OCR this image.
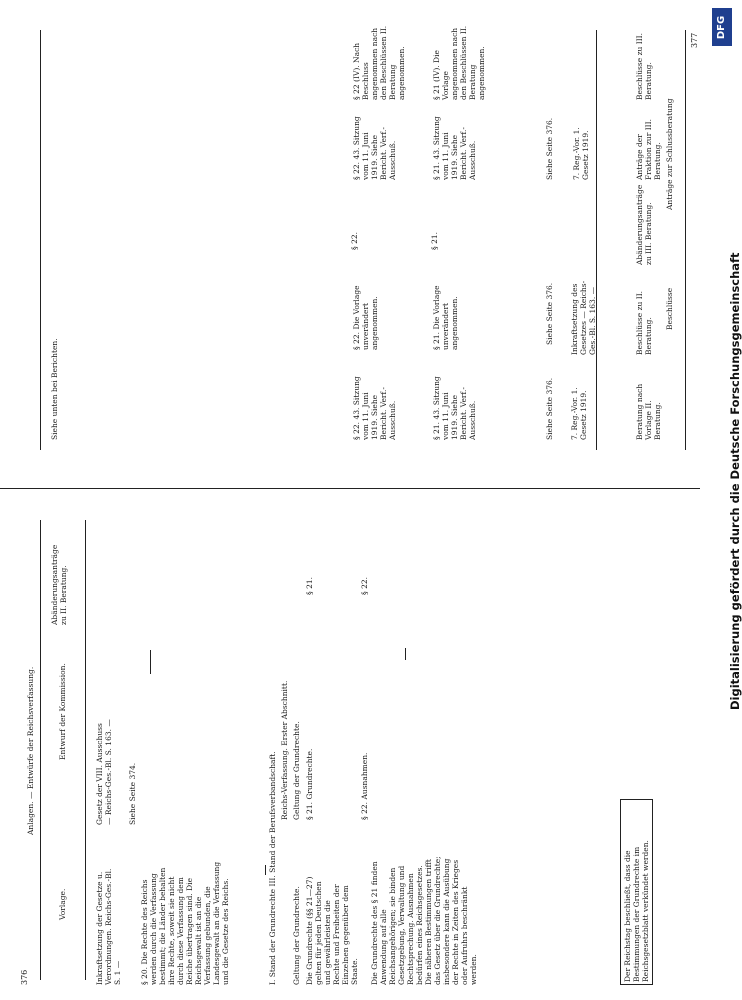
377
Beschlüsse
Anträge zur Schlussberatung
Beratung nach Vorlage II. Beratung.
Beschlüsse zu II. Beratung.
Abänderungsanträge zu III. Beratung.
Anträge der Fraktion zur III. Beratung.
Beschlüsse zu III. Beratung.
7. Reg.-Vor. 1. Gesetz 1919.
Inkraftsetzung des Gesetzes — Reichs-Ges.-Bl. S. 163. —
7. Reg.-Vor. 1. Gesetz 1919.
Siehe Seite 376.
Siehe Seite 376.
Siehe Seite 376.
§ 21. 43. Sitzung vom 11. Juni 1919. Siehe Bericht. Verf.-Ausschuß.
§ 21. Die Vorlage unverändert angenommen.
§ 21.
§ 21. 43. Sitzung vom 11. Juni 1919. Siehe Bericht. Verf.-Ausschuß.
§ 21 (IV). Die Vorlage angenommen nach den Beschlüssen II. Beratung angenommen.
§ 22. 43. Sitzung vom 11. Juni 1919. Siehe Bericht. Verf.-Ausschuß.
§ 22. Die Vorlage unverändert angenommen.
§ 22.
§ 22. 43. Sitzung vom 11. Juni 1919. Siehe Bericht. Verf.-Ausschuß.
§ 22 (IV). Nach Beschluss angenommen nach den Beschlüssen II. Beratung angenommen.
Siehe unten bei Berichten.
376
Anlagen. — Entwürfe der Reichsverfassung.
Vorlage.
Entwurf der Kommission.
Abänderungsanträge zu II. Beratung.
Inkraftsetzung der Gesetze u. Verordnungen. Reichs-Ges.-Bl. S. 1 —
Gesetz der VIII. Ausschuss — Reichs-Ges.-Bl. S. 163. — Siehe Seite 374.
§ 20. Die Rechte des Reichs werden durch die Verfassung bestimmt; die Länder behalten ihre Rechte, soweit sie nicht durch diese Verfassung dem Reiche übertragen sind. Die Reichsgewalt ist an die Verfassung gebunden, die Landesgewalt an die Verfassung und die Gesetze des Reichs.	I. Stand der Grundrechte III. Stand der Berufsverbandschaft.
Reichs-Verfassung. Erster Abschnitt.
Geltung der Grundrechte.
Geltung der Grundrechte.
Die Grundrechte (§§ 21—27) gelten für jeden Deutschen und gewährleisten die Rechte und Freiheiten der Einzelnen gegenüber dem Staate.
§ 21. Grundrechte.
§ 21.
§ 22. Ausnahmen.
§ 22.
Die Grundrechte des § 21 finden Anwendung auf alle Reichsangehörigen; sie binden Gesetzgebung, Verwaltung und Rechtsprechung. Ausnahmen bedürfen eines Reichsgesetzes. Die näheren Bestimmungen trifft das Gesetz über die Grundrechte; insbesondere kann die Ausübung der Rechte in Zeiten des Krieges oder Aufruhrs beschränkt werden.	Der Reichstag beschließt, dass die Bestimmungen der Grundrechte im Reichsgesetzblatt verkündet werden.
DFG
Digitalisierung gefördert durch die Deutsche Forschungsgemeinschaft
